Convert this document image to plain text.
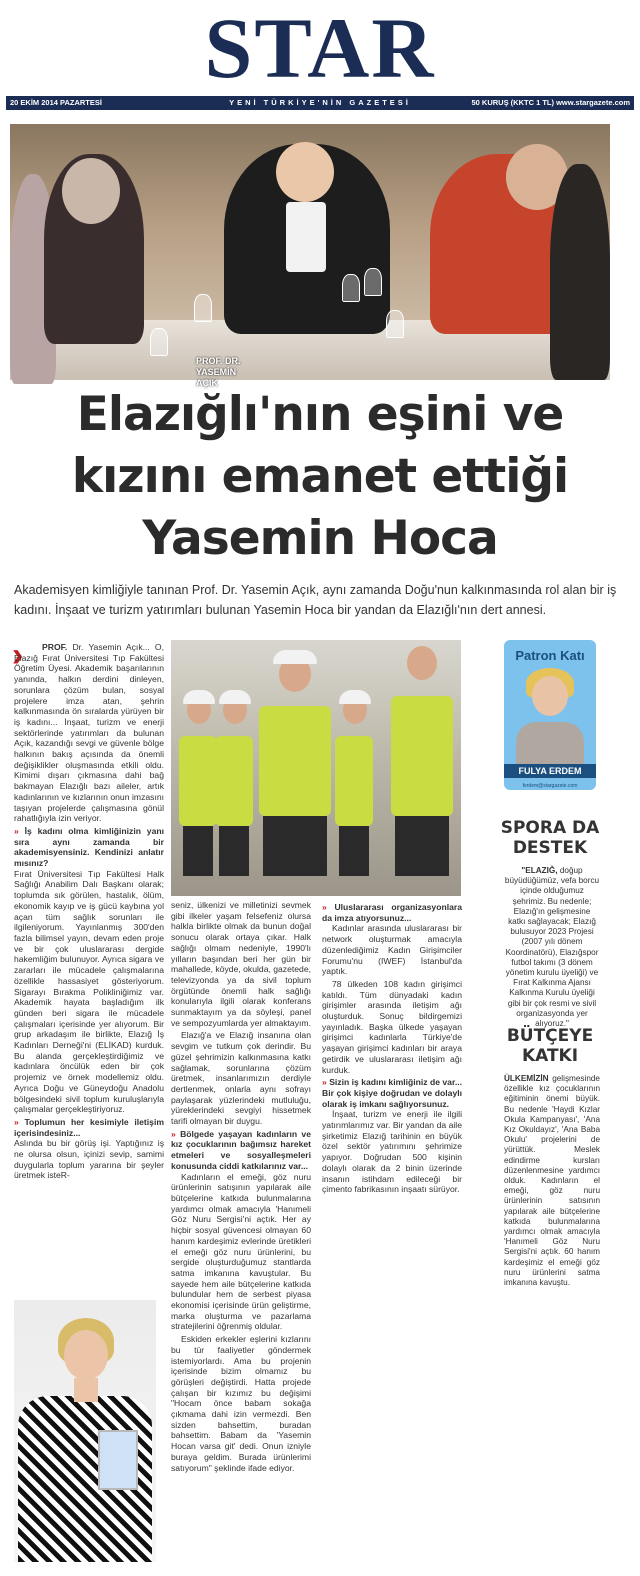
STAR
20 EKİM 2014 PAZARTESİ	YENİ TÜRKİYE'NİN GAZETESİ	50 KURUŞ (KKTC 1 TL) www.stargazete.com
PROF. DR.
YASEMİN
AÇIK
Elazığlı'nın eşini ve kızını emanet ettiği Yasemin Hoca

Akademisyen kimliğiyle tanınan Prof. Dr. Yasemin Açık, aynı zamanda Doğu'nun kalkınmasında rol alan bir iş kadını. İnşaat ve turizm yatırımları bulunan Yasemin Hoca bir yandan da Elazığlı'nın dert annesi.

›	PROF. Dr. Yasemin Açık... O, Elazığ Fırat Üniversitesi Tıp Fakültesi Öğretim Üyesi. Akademik başarılarının yanında, halkın derdini dinleyen, sorunlara çözüm bulan, sosyal projelere imza atan, şehrin kalkınmasında ön sıralarda yürüyen bir iş kadını... İnşaat, turizm ve enerji sektörlerinde yatırımları da bulunan Açık, kazandığı sevgi ve güvenle bölge halkının bakış açısında da önemli değişiklikler oluşmasında etkili oldu. Kimimi dışarı çıkmasına dahi bağ bakmayan Elazığlı bazı aileler, artık kadınlarının ve kızlarının onun imzasını taşıyan projelerde çalışmasına gönül rahatlığıyla izin veriyor.

» İş kadını olma kimliğinizin yanı sıra aynı zamanda bir akademisyensiniz. Kendinizi anlatır mısınız?

Fırat Üniversitesi Tıp Fakültesi Halk Sağlığı Anabilim Dalı Başkanı olarak; toplumda sık görülen, hastalık, ölüm, ekonomik kayıp ve iş gücü kaybına yol açan tüm sağlık sorunları ile ilgileniyorum. Yayınlanmış 300'den fazla bilimsel yayın, devam eden proje ve bir çok uluslararası dergide hakemliğim bulunuyor. Ayrıca sigara ve zararları ile mücadele çalışmalarına özellikle hassasiyet gösteriyorum. Sigarayı Bırakma Polikliniğimiz var. Akademik hayata başladığım ilk günden beri sigara ile mücadele çalışmaları içerisinde yer alıyorum. Bir grup arkadaşım ile birlikte, Elazığ İş Kadınları Derneği'ni (ELİKAD) kurduk. Bu alanda gerçekleştirdiğimiz ve kadınlara öncülük eden bir çok projemiz ve örnek modellemiz oldu. Ayrıca Doğu ve Güneydoğu Anadolu bölgesindeki sivil toplum kuruluşlarıyla çalışmalar gerçekleştiriyoruz.

» Toplumun her kesimiyle iletişim içerisindesiniz...

Aslında bu bir görüş işi. Yaptığınız iş ne olursa olsun, içinizi sevip, samimi duygularla toplum yararına bir şeyler üretmek isteR-

seniz, ülkenizi ve milletinizi sevmek gibi ilkeler yaşam felsefeniz olursa halkla birlikte olmak da bunun doğal sonucu olarak ortaya çıkar. Halk sağlığı olmam nedeniyle, 1990'lı yılların başından beri her gün bir mahallede, köyde, okulda, gazetede, televizyonda ya da sivil toplum örgütünde önemli halk sağlığı konularıyla ilgili olarak konferans sunmaktayım ya da söyleşi, panel ve sempozyumlarda yer almaktayım.

Elazığ'a ve Elazığ insanına olan sevgim ve tutkum çok derindir. Bu güzel şehrimizin kalkınmasına katkı sağlamak, sorunlarına çözüm üretmek, insanlarımızın derdiyle dertlenmek, onlarla aynı sofrayı paylaşarak yüzlerindeki mutluluğu, yüreklerindeki sevgiyi hissetmek tarifi olmayan bir duygu.

» Bölgede yaşayan kadınların ve kız çocuklarının bağımsız hareket etmeleri ve sosyalleşmeleri konusunda ciddi katkılarınız var...

Kadınların el emeği, göz nuru ürünlerinin satışının yapılarak aile bütçelerine katkıda bulunmalarına yardımcı olmak amacıyla 'Hanımeli Göz Nuru Sergisi'ni açtık. Her ay hiçbir sosyal güvencesi olmayan 60 hanım kardeşimiz evlerinde üretikleri el emeği göz nuru ürünlerini, bu sergide oluşturduğumuz stantlarda satma imkanına kavuştular. Bu sayede hem aile bütçelerine katkıda bulundular hem de serbest piyasa ekonomisi içerisinde ürün geliştirme, marka oluşturma ve pazarlama stratejilerini öğrenmiş oldular.

Eskiden erkekler eşlerini kızlarını bu tür faaliyetler göndermek istemiyorlardı. Ama bu projenin içerisinde bizim olmamız bu görüşleri değiştirdi. Hatta projede çalışan bir kızımız bu değişimi "Hocam önce babam sokağa çıkmama dahi izin vermezdi. Ben sizden bahsettim, buradan bahsettim. Babam da 'Yasemin Hocan varsa git' dedi. Onun izniyle buraya geldim. Burada ürünlerimi satıyorum" şeklinde ifade ediyor.

» Uluslararası organizasyonlara da imza atıyorsunuz...

Kadınlar arasında uluslararası bir network oluşturmak amacıyla düzenlediğimiz Kadın Girişimciler Forumu'nu (IWEF) İstanbul'da yaptık.

78 ülkeden 108 kadın girişimci katıldı. Tüm dünyadaki kadın girişimler arasında iletişim ağı oluşturduk. Sonuç bildirgemizi yayınladık. Başka ülkede yaşayan girişimci kadınlarla Türkiye'de yaşayan girişimci kadınları bir araya getirdik ve uluslararası iletişim ağı kurduk.

» Sizin iş kadını kimliğiniz de var... Bir çok kişiye doğrudan ve dolaylı olarak iş imkanı sağlıyorsunuz.

İnşaat, turizm ve enerji ile ilgili yatırımlarımız var. Bir yandan da aile şirketimiz Elazığ tarihinin en büyük özel sektör yatırımını şehrimize yapıyor. Doğrudan 500 kişinin dolaylı olarak da 2 binin üzerinde insanın istihdam edileceği bir çimento fabrikasının inşaatı sürüyor.

Patron Katı
FULYA ERDEM
ferdem@stargazete.com
SPORA DA DESTEK
"ELAZIĞ, doğup büyüdüğümüz, vefa borcu içinde olduğumuz şehrimiz. Bu nedenle; Elazığ'ın gelişmesine katkı sağlayacak; Elazığ bulusuyor 2023 Projesi (2007 yılı dönem Koordinatörü), Elazığspor futbol takımı (3 dönem yönetim kurulu üyeliği) ve Fırat Kalkınma Ajansı Kalkınma Kurulu üyeliği gibi bir çok resmi ve sivil organizasyonda yer alıyoruz."
BÜTÇEYE KATKI
ÜLKEMİZİN gelişmesinde özellikle kız çocuklarının eğitiminin önemi büyük. Bu nedenle 'Haydi Kızlar Okula Kampanyası', 'Ana Kız Okuldayız', 'Ana Baba Okulu' projelerini de yürüttük. Meslek edindirme kursları düzenlenmesine yardımcı olduk. Kadınların el emeği, göz nuru ürünlerinin satısının yapılarak aile bütçelerine katkıda bulunmalarına yardımcı olmak amacıyla 'Hanımeli Göz Nuru Sergisi'ni açtık. 60 hanım kardeşimiz el emeği göz nuru ürünlerini satma imkanına kavuştu.
